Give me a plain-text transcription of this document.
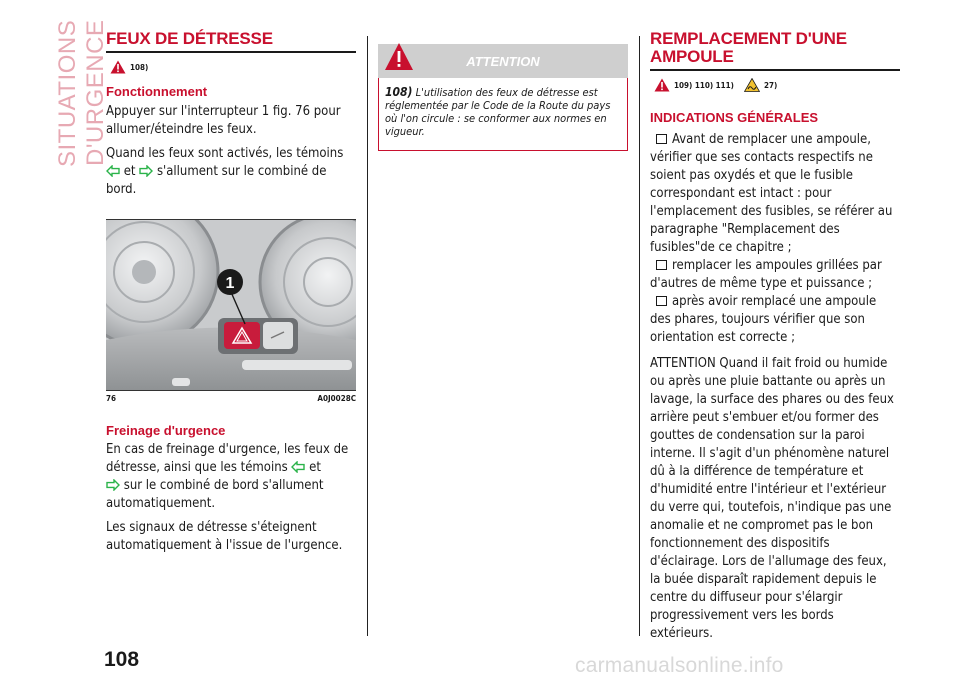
SITUATIONS D'URGENCE
FEUX DE DÉTRESSE
108)
Fonctionnement

Appuyer sur l'interrupteur 1 fig. 76 pour allumer/éteindre les feux.

Quand les feux sont activés, les témoins
et s'allument sur le combiné de bord.

1
76	A0J0028C
Freinage d'urgence

En cas de freinage d'urgence, les feux de détresse, ainsi que les témoins et
sur le combiné de bord s'allument automatiquement.

Les signaux de détresse s'éteignent automatiquement à l'issue de l'urgence.

ATTENTION
108) L'utilisation des feux de détresse est réglementée par le Code de la Route du pays où l'on circule : se conformer aux normes en vigueur.
REMPLACEMENT D'UNE AMPOULE
109) 110) 111)	27)
INDICATIONS GÉNÉRALES

Avant de remplacer une ampoule, vérifier que ses contacts respectifs ne soient pas oxydés et que le fusible correspondant est intact : pour l'emplacement des fusibles, se référer au paragraphe "Remplacement des fusibles"de ce chapitre ;

remplacer les ampoules grillées par d'autres de même type et puissance ;

après avoir remplacé une ampoule des phares, toujours vérifier que son orientation est correcte ;

ATTENTION Quand il fait froid ou humide ou après une pluie battante ou après un lavage, la surface des phares ou des feux arrière peut s'embuer et/ou former des gouttes de condensation sur la paroi interne. Il s'agit d'un phénomène naturel dû à la différence de température et d'humidité entre l'intérieur et l'extérieur du verre qui, toutefois, n'indique pas une anomalie et ne compromet pas le bon fonctionnement des dispositifs d'éclairage. Lors de l'allumage des feux, la buée disparaît rapidement depuis le centre du diffuseur pour s'élargir progressivement vers les bords extérieurs.

108	carmanualsonline.info
